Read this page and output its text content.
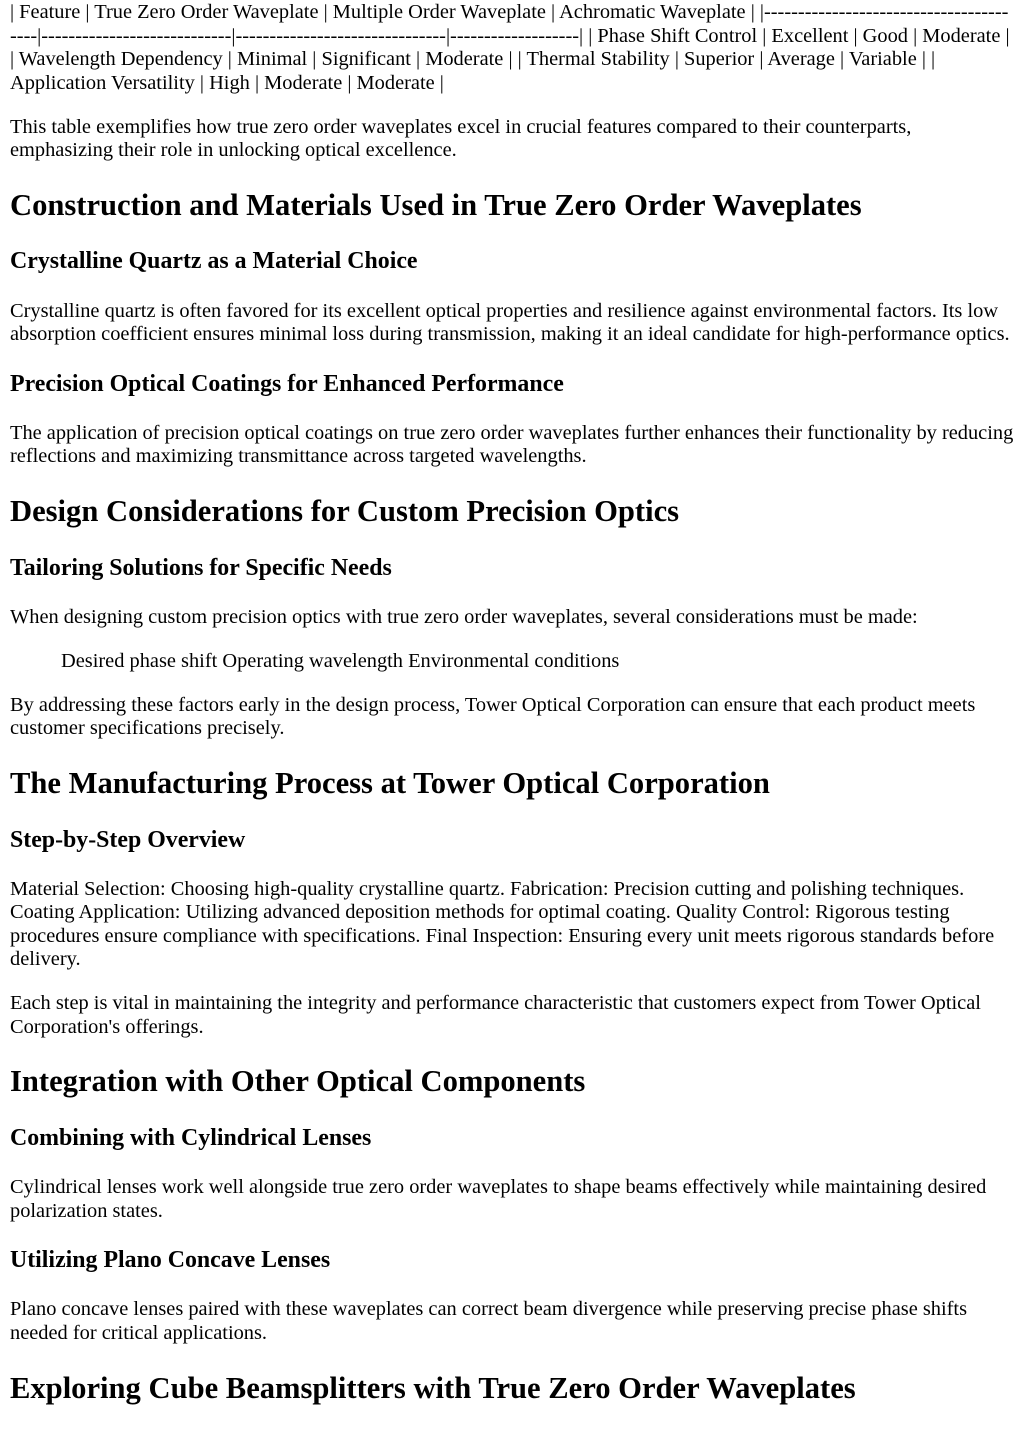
| Feature | True Zero Order Waveplate | Multiple Order Waveplate | Achromatic Waveplate | |----------------------------------------|----------------------------|-------------------------------|-------------------| | Phase Shift Control | Excellent | Good | Moderate | | Wavelength Dependency | Minimal | Significant | Moderate | | Thermal Stability | Superior | Average | Variable | | Application Versatility | High | Moderate | Moderate |

This table exemplifies how true zero order waveplates excel in crucial features compared to their counterparts, emphasizing their role in unlocking optical excellence.

Construction and Materials Used in True Zero Order Waveplates
Crystalline Quartz as a Material Choice

Crystalline quartz is often favored for its excellent optical properties and resilience against environmental factors. Its low absorption coefficient ensures minimal loss during transmission, making it an ideal candidate for high-performance optics.

Precision Optical Coatings for Enhanced Performance

The application of precision optical coatings on true zero order waveplates further enhances their functionality by reducing reflections and maximizing transmittance across targeted wavelengths.

Design Considerations for Custom Precision Optics
Tailoring Solutions for Specific Needs

When designing custom precision optics with true zero order waveplates, several considerations must be made:

Desired phase shift Operating wavelength Environmental conditions

By addressing these factors early in the design process, Tower Optical Corporation can ensure that each product meets customer specifications precisely.

The Manufacturing Process at Tower Optical Corporation
Step-by-Step Overview

Material Selection: Choosing high-quality crystalline quartz. Fabrication: Precision cutting and polishing techniques. Coating Application: Utilizing advanced deposition methods for optimal coating. Quality Control: Rigorous testing procedures ensure compliance with specifications. Final Inspection: Ensuring every unit meets rigorous standards before delivery.

Each step is vital in maintaining the integrity and performance characteristic that customers expect from Tower Optical Corporation's offerings.

Integration with Other Optical Components
Combining with Cylindrical Lenses

Cylindrical lenses work well alongside true zero order waveplates to shape beams effectively while maintaining desired polarization states.

Utilizing Plano Concave Lenses

Plano concave lenses paired with these waveplates can correct beam divergence while preserving precise phase shifts needed for critical applications.

Exploring Cube Beamsplitters with True Zero Order Waveplates
